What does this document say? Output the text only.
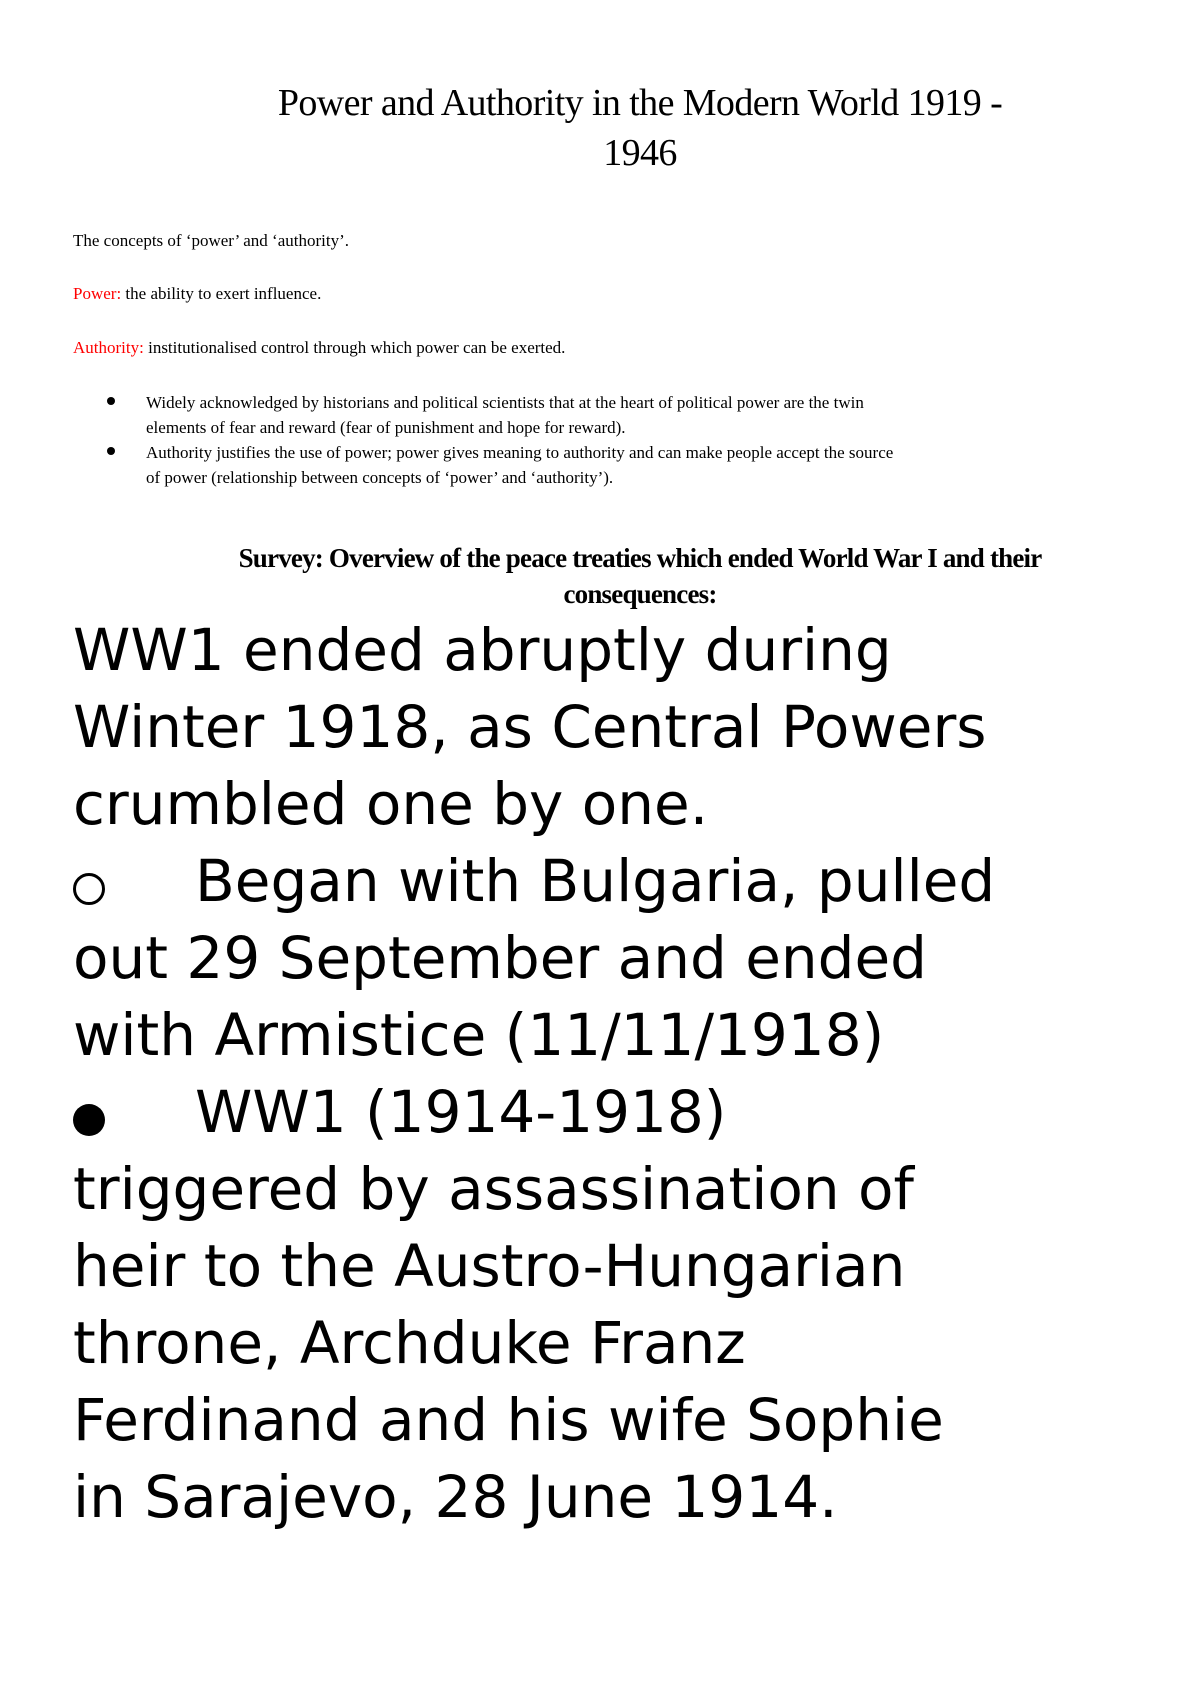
Power and Authority in the Modern World 1919 -
1946

The concepts of ‘power’ and ‘authority’.

Power: the ability to exert influence.

Authority: institutionalised control through which power can be exerted.

Widely acknowledged by historians and political scientists that at the heart of political power are the twin
elements of fear and reward (fear of punishment and hope for reward).
Authority justifies the use of power; power gives meaning to authority and can make people accept the source
of power (relationship between concepts of ‘power’ and ‘authority’).
Survey: Overview of the peace treaties which ended World War I and their
consequences:
WW1 ended abruptly during
Winter 1918, as Central Powers
crumbled one by one.
Began with Bulgaria, pulled
out 29 September and ended
with Armistice (11/11/1918)
WW1 (1914-1918)
triggered by assassination of
heir to the Austro-Hungarian
throne, Archduke Franz
Ferdinand and his wife Sophie
in Sarajevo, 28 June 1914.
